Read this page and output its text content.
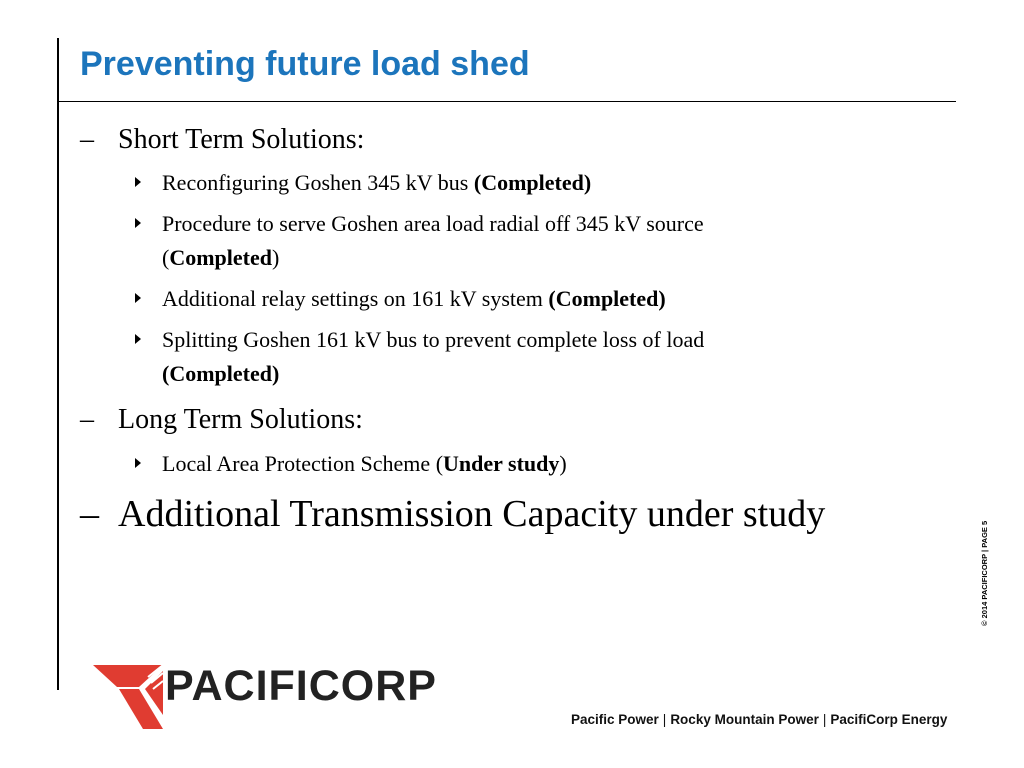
Preventing future load shed
– Short Term Solutions:
Reconfiguring Goshen 345 kV bus (Completed)
Procedure to serve Goshen area load radial off 345 kV source
(Completed)
Additional relay settings on 161 kV system (Completed)
Splitting Goshen 161 kV bus to prevent complete loss of load
(Completed)
– Long Term Solutions:
Local Area Protection Scheme (Under study)
– Additional Transmission Capacity under study
© 2014 PACIFICORP | PAGE 5
PACIFICORP
Pacific Power | Rocky Mountain Power | PacifiCorp Energy
